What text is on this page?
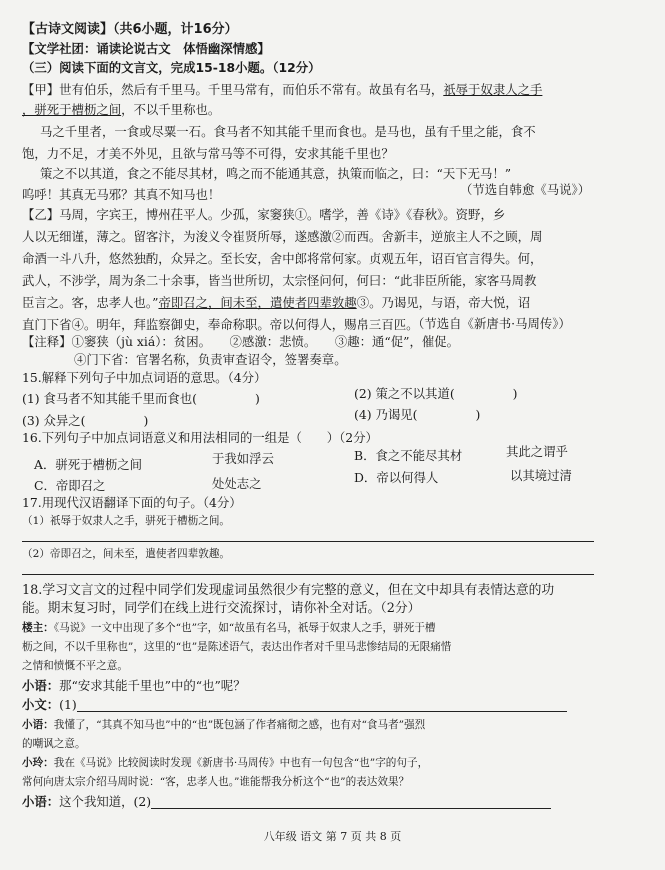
【古诗文阅读】（共6小题，计16分）
【文学社团：诵读论说古文　体悟幽深情感】
（三）阅读下面的文言文，完成15-18小题。（12分）
【甲】世有伯乐，然后有千里马。千里马常有，而伯乐不常有。故虽有名马，祇辱于奴隶人之手
，骈死于槽枥之间，不以千里称也。
马之千里者，一食或尽粟一石。食马者不知其能千里而食也。是马也，虽有千里之能，食不
饱，力不足，才美不外见，且欲与常马等不可得，安求其能千里也？
策之不以其道，食之不能尽其材，鸣之而不能通其意，执策而临之，曰：“天下无马！”
呜呼！其真无马邪？其真不知马也！	（节选自韩愈《马说》）
【乙】马周，字宾王，博州茌平人。少孤，家窭狭①。嗜学，善《诗》《春秋》。资野，乡
人以无细谨，薄之。留客汴，为浚义令崔贤所辱，遂感激②而西。舍新丰，逆旅主人不之顾，周
命酒一斗八升，悠然独酌，众异之。至长安，舍中郎将常何家。贞观五年，诏百官言得失。何，
武人，不涉学，周为条二十余事，皆当世所切，太宗怪问何，何曰：“此非臣所能，家客马周教
臣言之。客，忠孝人也。”帝即召之，间未至，遣使者四辈敦趣③。乃谒见，与语，帝大悦，诏
直门下省④。明年，拜监察御史，奉命称职。帝以何得人，赐帛三百匹。
（节选自《新唐书·马周传》）
【注释】①窭狭（jù xiá）：贫困。　　②感激：悲愤。　　③趣：通“促”，催促。
④门下省：官署名称，负责审查诏令，签署奏章。
15.解释下列句子中加点词语的意思。（4分）
(1) 食马者不知其能千里而食也(	)	(2) 策之不以其道(	)
(3) 众异之(	)	(4) 乃谒见(	)
16.下列句子中加点词语意义和用法相同的一组是（　　）（2分）
A．骈死于槽枥之间	于我如浮云	B．食之不能尽其材	其此之谓乎
C．帝即召之	处处志之	D．帝以何得人	以其境过清
17.用现代汉语翻译下面的句子。（4分）
（1）祇辱于奴隶人之手，骈死于槽枥之间。
（2）帝即召之，间未至，遣使者四辈敦趣。
18.学习文言文的过程中同学们发现虚词虽然很少有完整的意义，但在文中却具有表情达意的功
能。期末复习时，同学们在线上进行交流探讨，请你补全对话。（2分）
楼主：《马说》一文中出现了多个“也”字，如“故虽有名马，祇辱于奴隶人之手，骈死于槽
枥之间，不以千里称也”，这里的“也”是陈述语气，表达出作者对千里马悲惨结局的无限痛惜
之情和愤慨不平之意。
小语：那“安求其能千里也”中的“也”呢？
小文：(1)
小语：我懂了，“其真不知马也”中的“也”既包涵了作者痛彻之感，也有对“食马者”强烈
的嘲讽之意。
小玲：我在《马说》比较阅读时发现《新唐书·马周传》中也有一句包含“也”字的句子，
常何向唐太宗介绍马周时说：“客，忠孝人也。”谁能帮我分析这个“也”的表达效果？
小语：这个我知道，(2)
八年级 语文 第 7 页 共 8 页
